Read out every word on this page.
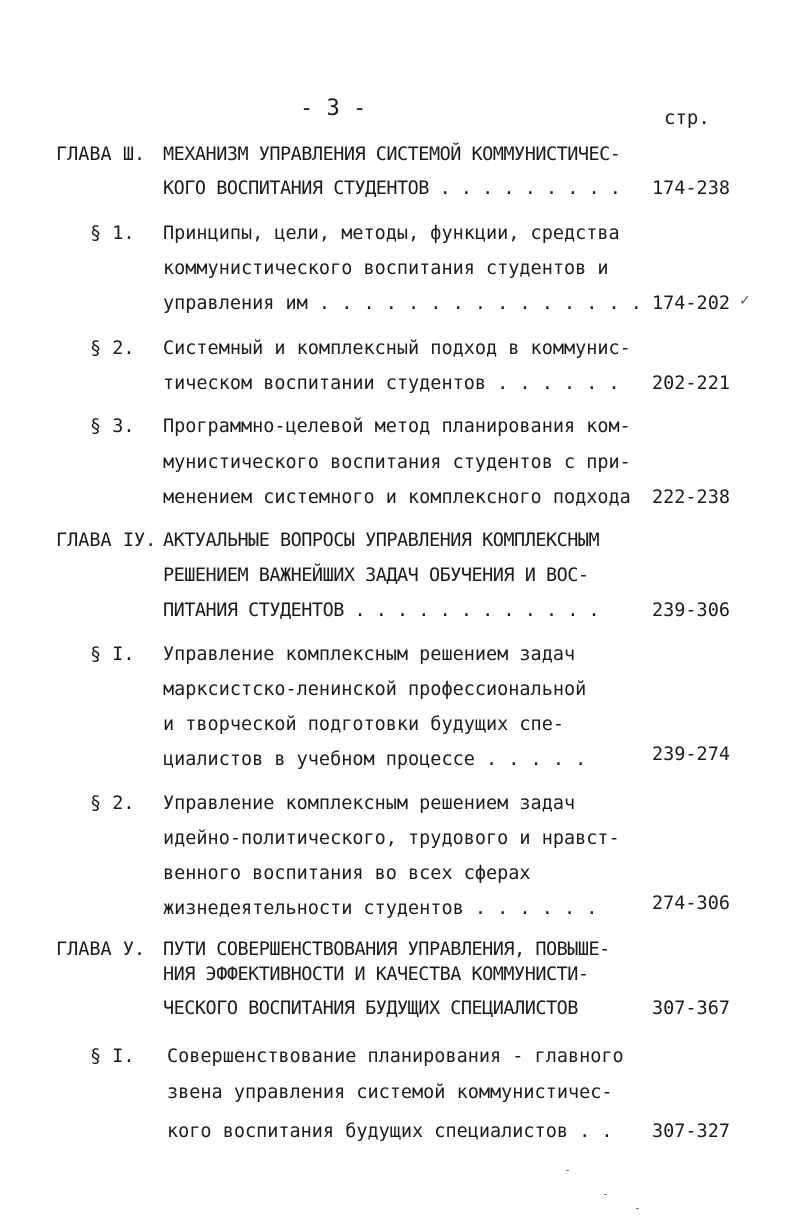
- 3 -	стр.
ГЛАВА Ш. МЕХАНИЗМ УПРАВЛЕНИЯ СИСТЕМОЙ КОММУНИСТИЧЕС-
КОГО ВОСПИТАНИЯ СТУДЕНТОВ . . . . . . . . . 174-238
§ 1. Принципы, цели, методы, функции, средства
коммунистического воспитания студентов и
управления им . . . . . . . . . . . . . . . 174-202 ✓
§ 2. Системный и комплексный подход в коммунис-
тическом воспитании студентов . . . . . . 202-221
§ 3. Программно-целевой метод планирования ком-
мунистического воспитания студентов с при-
менением системного и комплексного подхода 222-238
ГЛАВА IУ. АКТУАЛЬНЫЕ ВОПРОСЫ УПРАВЛЕНИЯ КОМПЛЕКСНЫМ
РЕШЕНИЕМ ВАЖНЕЙШИХ ЗАДАЧ ОБУЧЕНИЯ И ВОС-
ПИТАНИЯ СТУДЕНТОВ . . . . . . . . . . . .	239-306
§ I. Управление комплексным решением задач
марксистско-ленинской профессиональной
и творческой подготовки будущих спе-
циалистов в учебном процессе . . . . .	239-274
§ 2. Управление комплексным решением задач
идейно-политического, трудового и нравст-
венного воспитания во всех сферах
жизнедеятельности студентов . . . . . .	274-306
ГЛАВА У. ПУТИ СОВЕРШЕНСТВОВАНИЯ УПРАВЛЕНИЯ, ПОВЫШЕ-
НИЯ ЭФФЕКТИВНОСТИ И КАЧЕСТВА КОММУНИСТИ-
ЧЕСКОГО ВОСПИТАНИЯ БУДУЩИХ СПЕЦИАЛИСТОВ	307-367
§ I. Совершенствование планирования - главного
звена управления системой коммунистичес-
кого воспитания будущих специалистов . . 307-327
